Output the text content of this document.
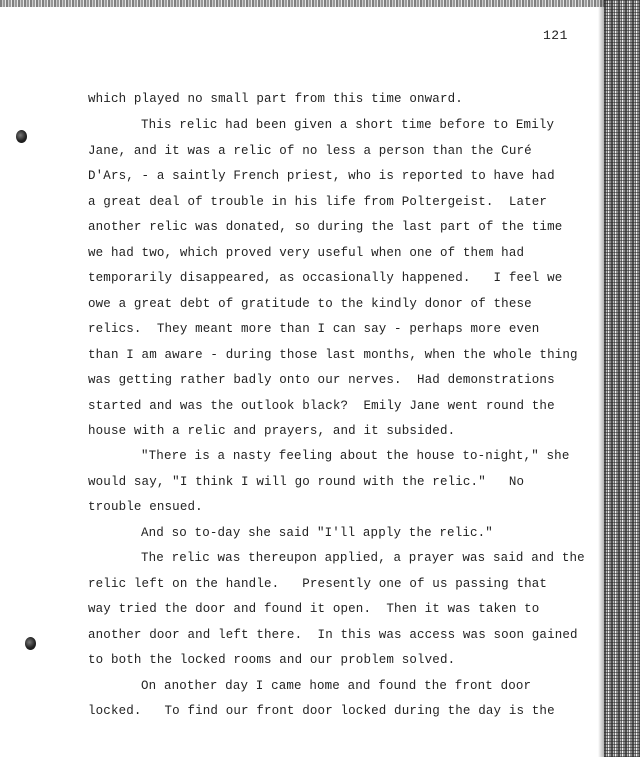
121
which played no small part from this time onward.
This relic had been given a short time before to Emily
Jane, and it was a relic of no less a person than the Curé
D'Ars, - a saintly French priest, who is reported to have had
a great deal of trouble in his life from Poltergeist.  Later
another relic was donated, so during the last part of the time
we had two, which proved very useful when one of them had
temporarily disappeared, as occasionally happened.   I feel we
owe a great debt of gratitude to the kindly donor of these
relics.  They meant more than I can say - perhaps more even
than I am aware - during those last months, when the whole thing
was getting rather badly onto our nerves.  Had demonstrations
started and was the outlook black?  Emily Jane went round the
house with a relic and prayers, and it subsided.
"There is a nasty feeling about the house to-night," she
would say, "I think I will go round with the relic."   No
trouble ensued.
And so to-day she said "I'll apply the relic."
The relic was thereupon applied, a prayer was said and the
relic left on the handle.   Presently one of us passing that
way tried the door and found it open.  Then it was taken to
another door and left there.  In this was access was soon gained
to both the locked rooms and our problem solved.
On another day I came home and found the front door
locked.   To find our front door locked during the day is the
